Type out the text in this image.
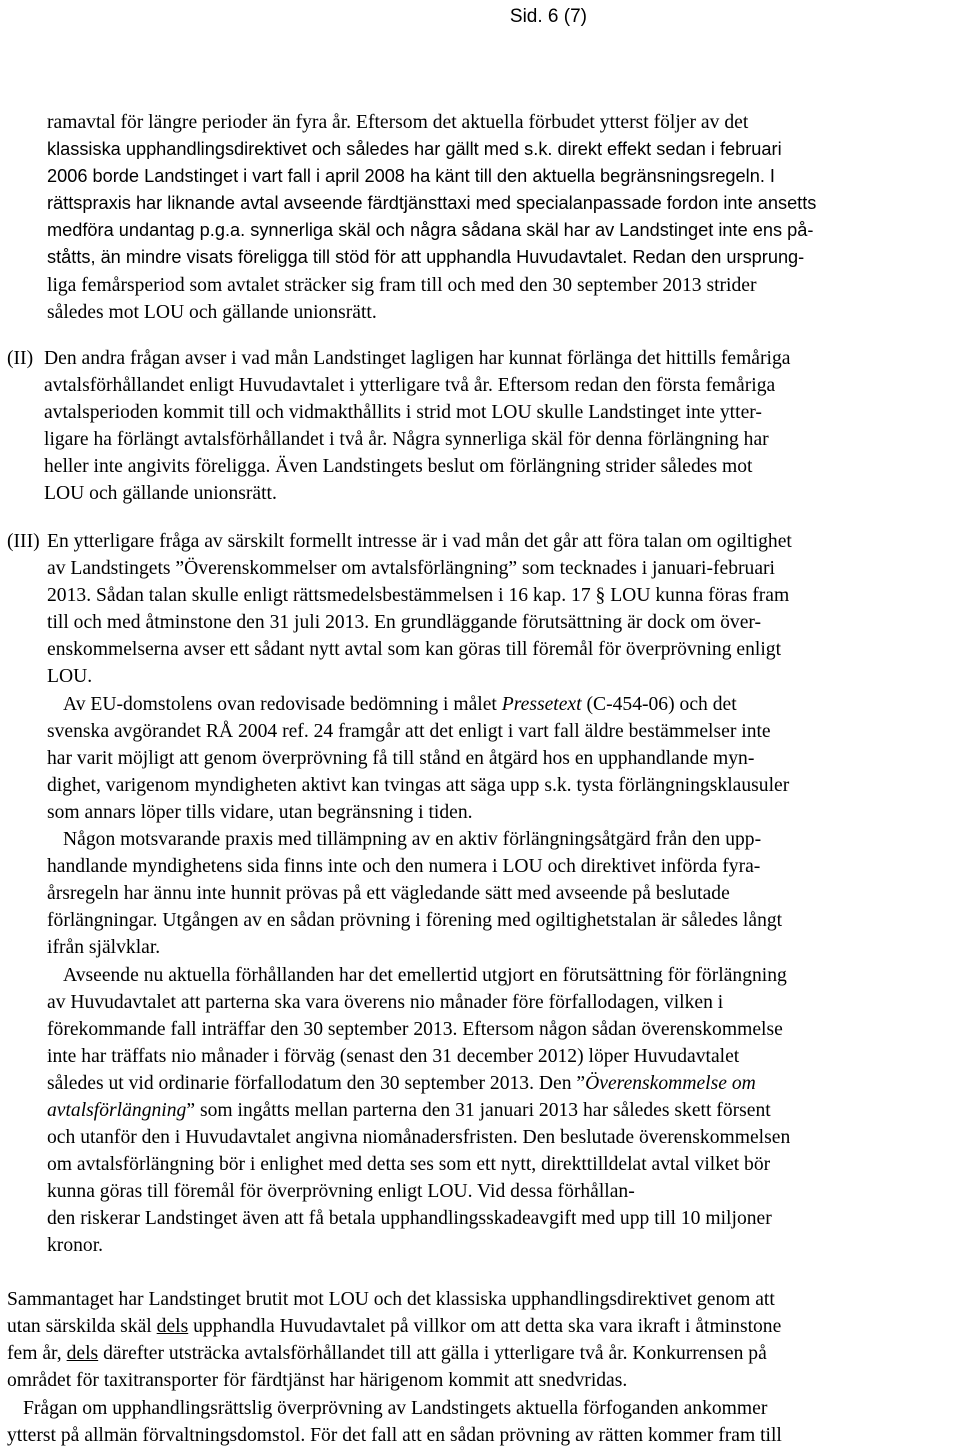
Sid. 6 (7)
ramavtal för längre perioder än fyra år. Eftersom det aktuella förbudet ytterst följer av det
klassiska upphandlingsdirektivet och således har gällt med s.k. direkt effekt sedan i februari
2006 borde Landstinget i vart fall i april 2008 ha känt till den aktuella begränsningsregeln. I
rättspraxis har liknande avtal avseende färdtjänsttaxi med specialanpassade fordon inte ansetts
medföra undantag p.g.a. synnerliga skäl och några sådana skäl har av Landstinget inte ens på-
ståtts, än mindre visats föreligga till stöd för att upphandla Huvudavtalet. Redan den ursprung-
liga femårsperiod som avtalet sträcker sig fram till och med den 30 september 2013 strider
således mot LOU och gällande unionsrätt.
(II) Den andra frågan avser i vad mån Landstinget lagligen har kunnat förlänga det hittills femåriga
avtalsförhållandet enligt Huvudavtalet i ytterligare två år. Eftersom redan den första femåriga
avtalsperioden kommit till och vidmakthållits i strid mot LOU skulle Landstinget inte ytter-
ligare ha förlängt avtalsförhållandet i två år. Några synnerliga skäl för denna förlängning har
heller inte angivits föreligga. Även Landstingets beslut om förlängning strider således mot
LOU och gällande unionsrätt.
(III) En ytterligare fråga av särskilt formellt intresse är i vad mån det går att föra talan om ogiltighet
av Landstingets ”Överenskommelser om avtalsförlängning” som tecknades i januari-februari
2013. Sådan talan skulle enligt rättsmedelsbestämmelsen i 16 kap. 17 § LOU kunna föras fram
till och med åtminstone den 31 juli 2013. En grundläggande förutsättning är dock om över-
enskommelserna avser ett sådant nytt avtal som kan göras till föremål för överprövning enligt
LOU.
Av EU-domstolens ovan redovisade bedömning i målet Pressetext (C-454-06) och det
svenska avgörandet RÅ 2004 ref. 24 framgår att det enligt i vart fall äldre bestämmelser inte
har varit möjligt att genom överprövning få till stånd en åtgärd hos en upphandlande myn-
dighet, varigenom myndigheten aktivt kan tvingas att säga upp s.k. tysta förlängningsklausuler
som annars löper tills vidare, utan begränsning i tiden.
Någon motsvarande praxis med tillämpning av en aktiv förlängningsåtgärd från den upp-
handlande myndighetens sida finns inte och den numera i LOU och direktivet införda fyra-
årsregeln har ännu inte hunnit prövas på ett vägledande sätt med avseende på beslutade
förlängningar. Utgången av en sådan prövning i förening med ogiltighetstalan är således långt
ifrån självklar.
Avseende nu aktuella förhållanden har det emellertid utgjort en förutsättning för förlängning
av Huvudavtalet att parterna ska vara överens nio månader före förfallodagen, vilken i
förekommande fall inträffar den 30 september 2013. Eftersom någon sådan överenskommelse
inte har träffats nio månader i förväg (senast den 31 december 2012) löper Huvudavtalet
således ut vid ordinarie förfallodatum den 30 september 2013. Den ”Överenskommelse om
avtalsförlängning” som ingåtts mellan parterna den 31 januari 2013 har således skett försent
och utanför den i Huvudavtalet angivna niomånadersfristen. Den beslutade överenskommelsen
om avtalsförlängning bör i enlighet med detta ses som ett nytt, direkttilldelat avtal vilket bör
kunna göras till föremål för överprövning enligt LOU. Vid dessa förhållan-
den riskerar Landstinget även att få betala upphandlingsskadeavgift med upp till 10 miljoner
kronor.
Sammantaget har Landstinget brutit mot LOU och det klassiska upphandlingsdirektivet genom att
utan särskilda skäl dels upphandla Huvudavtalet på villkor om att detta ska vara ikraft i åtminstone
fem år, dels därefter utsträcka avtalsförhållandet till att gälla i ytterligare två år. Konkurrensen på
området för taxitransporter för färdtjänst har härigenom kommit att snedvridas.
Frågan om upphandlingsrättslig överprövning av Landstingets aktuella förfoganden ankommer
ytterst på allmän förvaltningsdomstol. För det fall att en sådan prövning av rätten kommer fram till
